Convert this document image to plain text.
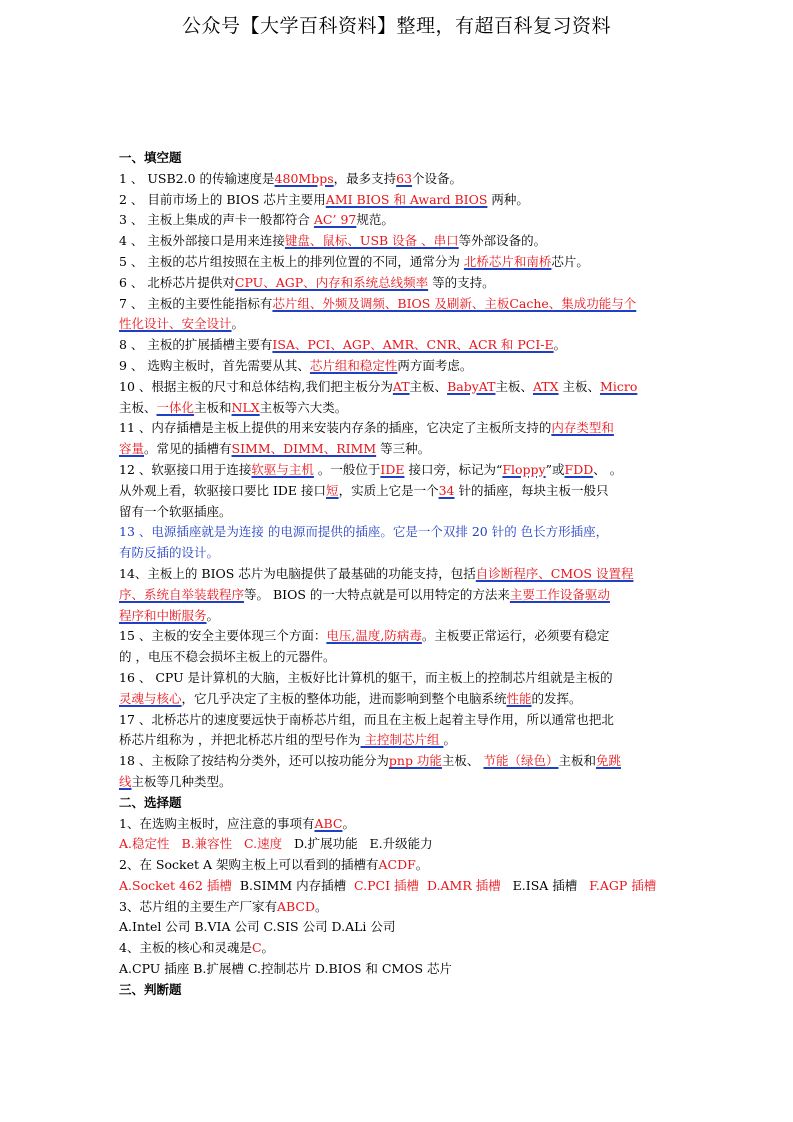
公众号【大学百科资料】整理，有超百科复习资料
一、填空题
1 、 USB2.0 的传输速度是480Mbps，最多支持63个设备。
2 、 目前市场上的 BIOS 芯片主要用AMI BIOS 和 Award BIOS 两种。
3 、 主板上集成的声卡一般都符合 AC’ 97规范。
4 、 主板外部接口是用来连接键盘、鼠标、USB 设备 、串口等外部设备的。
5 、 主板的芯片组按照在主板上的排列位置的不同，通常分为 北桥芯片和南桥芯片。
6 、 北桥芯片提供对CPU、AGP、内存和系统总线频率 等的支持。
7 、 主板的主要性能指标有芯片组、外频及调频、BIOS 及刷新、主板Cache、集成功能与个
性化设计、安全设计。
8 、 主板的扩展插槽主要有ISA、PCI、AGP、AMR、CNR、ACR 和 PCI-E。
9 、 选购主板时，首先需要从其、芯片组和稳定性两方面考虑。
10 、根据主板的尺寸和总体结构,我们把主板分为AT主板、BabyAT主板、ATX 主板、Micro
主板、一体化主板和NLX主板等六大类。
11 、内存插槽是主板上提供的用来安装内存条的插座，它决定了主板所支持的内存类型和
容量。常见的插槽有SIMM、DIMM、RIMM 等三种。
12 、软驱接口用于连接软驱与主机 。一般位于IDE 接口旁，标记为“Floppy”或FDD、 。
从外观上看，软驱接口要比 IDE 接口短，实质上它是一个34 针的插座，每块主板一般只
留有一个软驱插座。
13 、电源插座就是为连接 的电源而提供的插座。它是一个双排 20 针的 色长方形插座，
有防反插的设计。
14、主板上的 BIOS 芯片为电脑提供了最基础的功能支持，包括自诊断程序、CMOS 设置程
序、系统自举装载程序等。 BIOS 的一大特点就是可以用特定的方法来主要工作设备驱动
程序和中断服务。
15 、主板的安全主要体现三个方面：电压,温度,防病毒。主板要正常运行，必须要有稳定
的 ，电压不稳会损坏主板上的元器件。
16 、 CPU 是计算机的大脑，主板好比计算机的躯干，而主板上的控制芯片组就是主板的
灵魂与核心，它几乎决定了主板的整体功能，进而影响到整个电脑系统性能的发挥。
17 、北桥芯片的速度要远快于南桥芯片组，而且在主板上起着主导作用，所以通常也把北
桥芯片组称为 ，并把北桥芯片组的型号作为 主控制芯片组 。
18 、主板除了按结构分类外，还可以按功能分为pnp 功能主板、 节能（绿色）主板和免跳
线主板等几种类型。
二、选择题
1、在选购主板时，应注意的事项有ABC。
A.稳定性 B.兼容性 C.速度 D.扩展功能 E.升级能力
2、在 Socket A 架购主板上可以看到的插槽有ACDF。
A.Socket 462 插槽 B.SIMM 内存插槽 C.PCI 插槽 D.AMR 插槽 E.ISA 插槽 F.AGP 插槽
3、芯片组的主要生产厂家有ABCD。
A.Intel 公司 B.VIA 公司 C.SIS 公司 D.ALi 公司
4、主板的核心和灵魂是C。
A.CPU 插座 B.扩展槽 C.控制芯片 D.BIOS 和 CMOS 芯片
三、判断题
